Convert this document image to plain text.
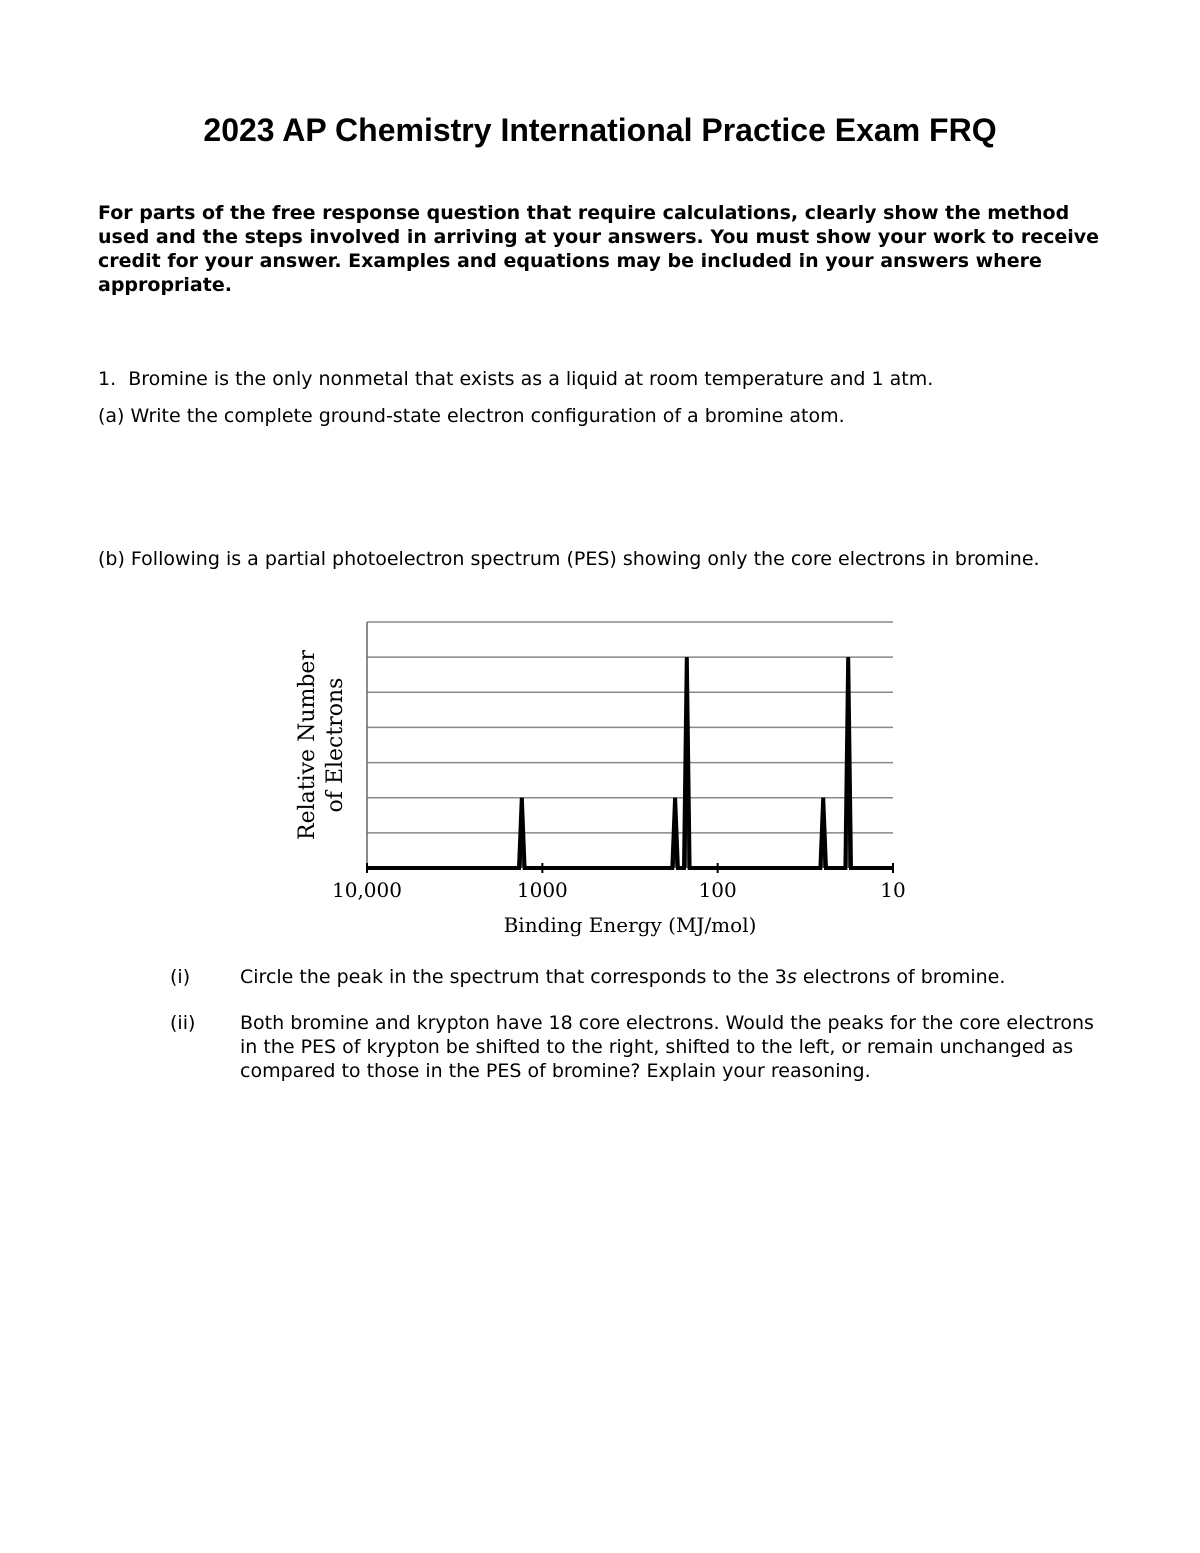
2023 AP Chemistry International Practice Exam FRQ

For parts of the free response question that require calculations, clearly show the method used and the steps involved in arriving at your answers. You must show your work to receive credit for your answer. Examples and equations may be included in your answers where appropriate.

1. Bromine is the only nonmetal that exists as a liquid at room temperature and 1 atm.
(a) Write the complete ground-state electron configuration of a bromine atom.
(b) Following is a partial photoelectron spectrum (PES) showing only the core electrons in bromine.
10,000	1000	100	10
Binding Energy (MJ/mol)
Relative Number of Electrons
(i)	Circle the peak in the spectrum that corresponds to the 3s electrons of bromine.
(ii) Both bromine and krypton have 18 core electrons. Would the peaks for the core electrons in the PES of krypton be shifted to the right, shifted to the left, or remain unchanged as compared to those in the PES of bromine? Explain your reasoning.
